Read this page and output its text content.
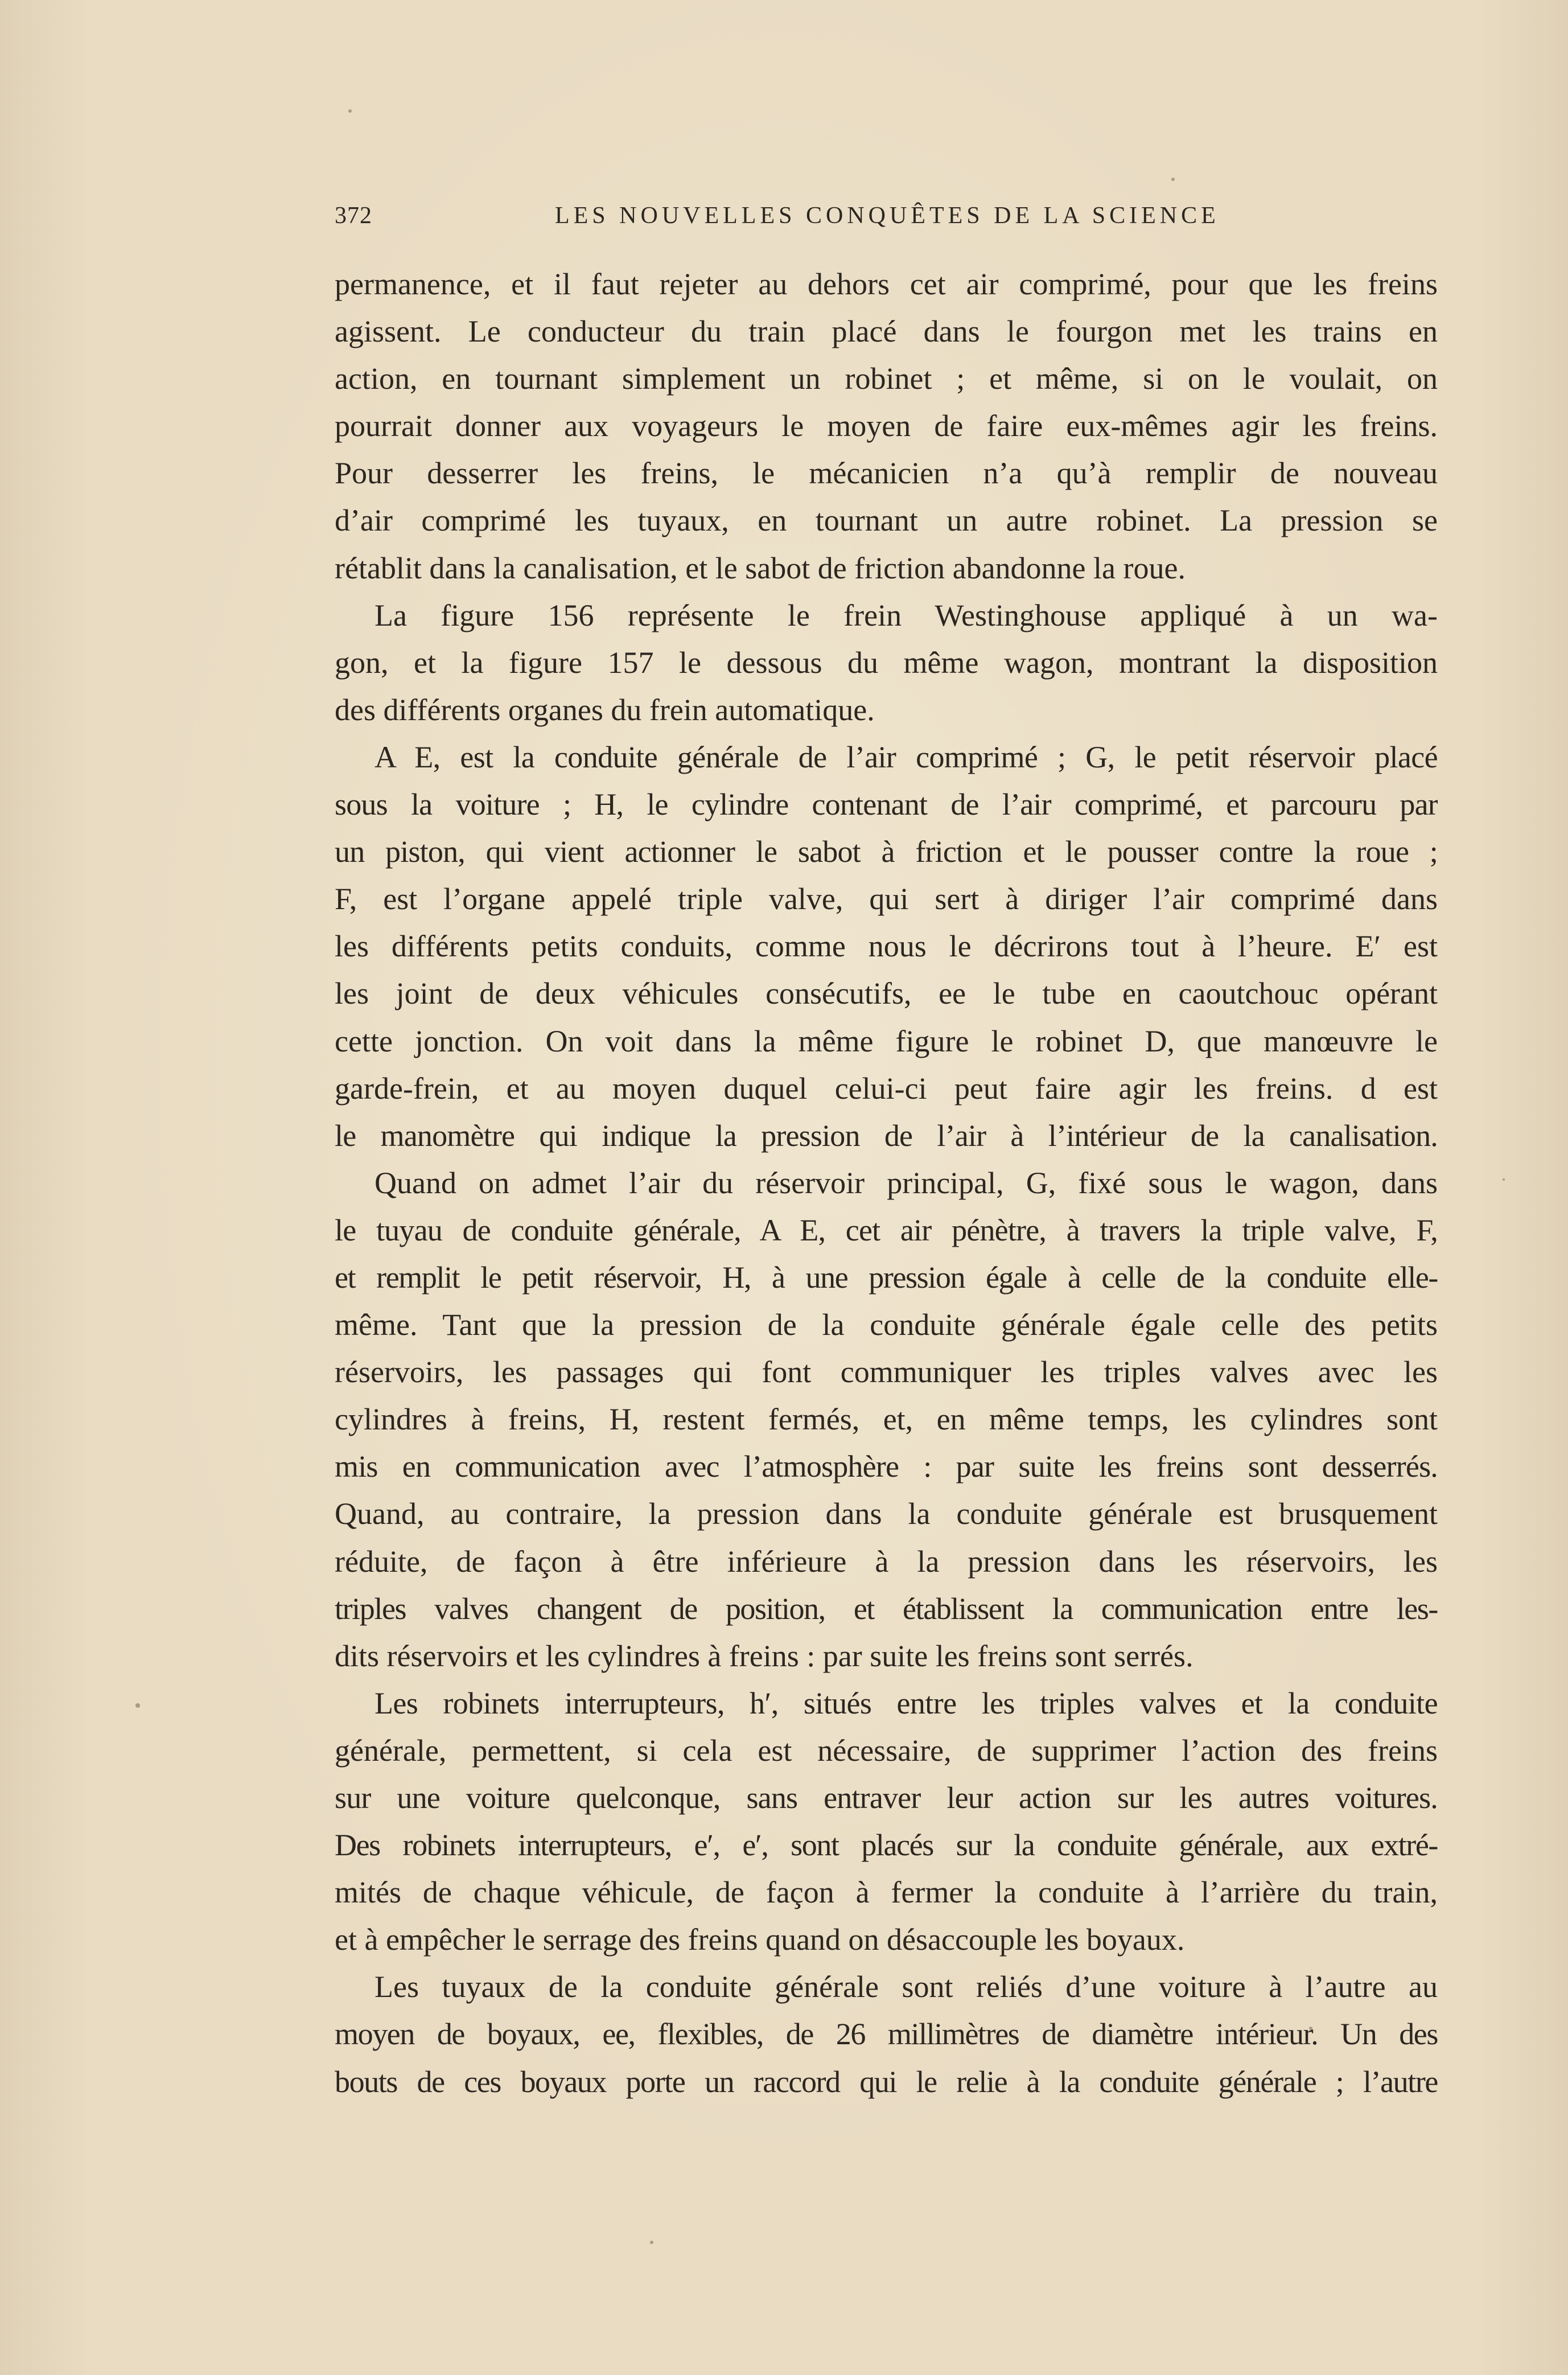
372	LES NOUVELLES CONQUÊTES DE LA SCIENCE
permanence, et il faut rejeter au dehors cet air comprimé, pour que les freins
agissent. Le conducteur du train placé dans le fourgon met les trains en
action, en tournant simplement un robinet ; et même, si on le voulait, on
pourrait donner aux voyageurs le moyen de faire eux-mêmes agir les freins.
Pour desserrer les freins, le mécanicien n’a qu’à remplir de nouveau
d’air comprimé les tuyaux, en tournant un autre robinet. La pression se
rétablit dans la canalisation, et le sabot de friction abandonne la roue.
La figure 156 représente le frein Westinghouse appliqué à un wa-
gon, et la figure 157 le dessous du même wagon, montrant la disposition
des différents organes du frein automatique.
A E, est la conduite générale de l’air comprimé ; G, le petit réservoir placé
sous la voiture ; H, le cylindre contenant de l’air comprimé, et parcouru par
un piston, qui vient actionner le sabot à friction et le pousser contre la roue ;
F, est l’organe appelé triple valve, qui sert à diriger l’air comprimé dans
les différents petits conduits, comme nous le décrirons tout à l’heure. E′ est
les joint de deux véhicules consécutifs, ee le tube en caoutchouc opérant
cette jonction. On voit dans la même figure le robinet D, que manœuvre le
garde-frein, et au moyen duquel celui-ci peut faire agir les freins. d est
le manomètre qui indique la pression de l’air à l’intérieur de la canalisation.
Quand on admet l’air du réservoir principal, G, fixé sous le wagon, dans
le tuyau de conduite générale, A E, cet air pénètre, à travers la triple valve, F,
et remplit le petit réservoir, H, à une pression égale à celle de la conduite elle-
même. Tant que la pression de la conduite générale égale celle des petits
réservoirs, les passages qui font communiquer les triples valves avec les
cylindres à freins, H, restent fermés, et, en même temps, les cylindres sont
mis en communication avec l’atmosphère : par suite les freins sont desserrés.
Quand, au contraire, la pression dans la conduite générale est brusquement
réduite, de façon à être inférieure à la pression dans les réservoirs, les
triples valves changent de position, et établissent la communication entre les-
dits réservoirs et les cylindres à freins : par suite les freins sont serrés.
Les robinets interrupteurs, h′, situés entre les triples valves et la conduite
générale, permettent, si cela est nécessaire, de supprimer l’action des freins
sur une voiture quelconque, sans entraver leur action sur les autres voitures.
Des robinets interrupteurs, e′, e′, sont placés sur la conduite générale, aux extré-
mités de chaque véhicule, de façon à fermer la conduite à l’arrière du train,
et à empêcher le serrage des freins quand on désaccouple les boyaux.
Les tuyaux de la conduite générale sont reliés d’une voiture à l’autre au
moyen de boyaux, ee, flexibles, de 26 millimètres de diamètre intérieur. Un des
bouts de ces boyaux porte un raccord qui le relie à la conduite générale ; l’autre
